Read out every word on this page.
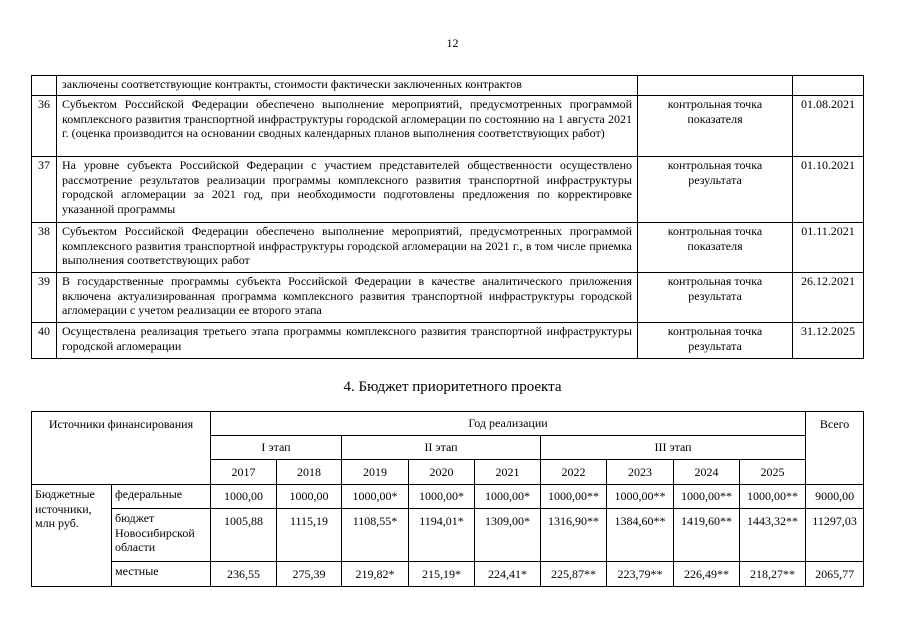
12
	заключены соответствующие контракты, стоимости фактически заключенных контрактов		
36	Субъектом Российской Федерации обеспечено выполнение мероприятий, предусмотренных программой комплексного развития транспортной инфраструктуры городской агломерации по состоянию на 1 августа 2021 г. (оценка производится на основании сводных календарных планов выполнения соответствующих работ)	контрольная точка показателя	01.08.2021
37	На уровне субъекта Российской Федерации с участием представителей общественности осуществлено рассмотрение результатов реализации программы комплексного развития транспортной инфраструктуры городской агломерации за 2021 год, при необходимости подготовлены предложения по корректировке указанной программы	контрольная точка результата	01.10.2021
38	Субъектом Российской Федерации обеспечено выполнение мероприятий, предусмотренных программой комплексного развития транспортной инфраструктуры городской агломерации на 2021 г., в том числе приемка выполнения соответствующих работ	контрольная точка показателя	01.11.2021
39	В государственные программы субъекта Российской Федерации в качестве аналитического приложения включена актуализированная программа комплексного развития транспортной инфраструктуры городской агломерации с учетом реализации ее второго этапа	контрольная точка результата	26.12.2021
40	Осуществлена реализация третьего этапа программы комплексного развития транспортной инфраструктуры городской агломерации	контрольная точка результата	31.12.2025
4. Бюджет приоритетного проекта
Источники финансирования		Год реализации									Всего
		I этап		II этап			III этап				
		2017	2018	2019	2020	2021	2022	2023	2024	2025	
Бюджетные источники, млн руб.	федеральные	1000,00	1000,00	1000,00*	1000,00*	1000,00*	1000,00**	1000,00**	1000,00**	1000,00**	9000,00
	бюджет Новосибирской области	1005,88	1115,19	1108,55*	1194,01*	1309,00*	1316,90**	1384,60**	1419,60**	1443,32**	11297,03
	местные	236,55	275,39	219,82*	215,19*	224,41*	225,87**	223,79**	226,49**	218,27**	2065,77
